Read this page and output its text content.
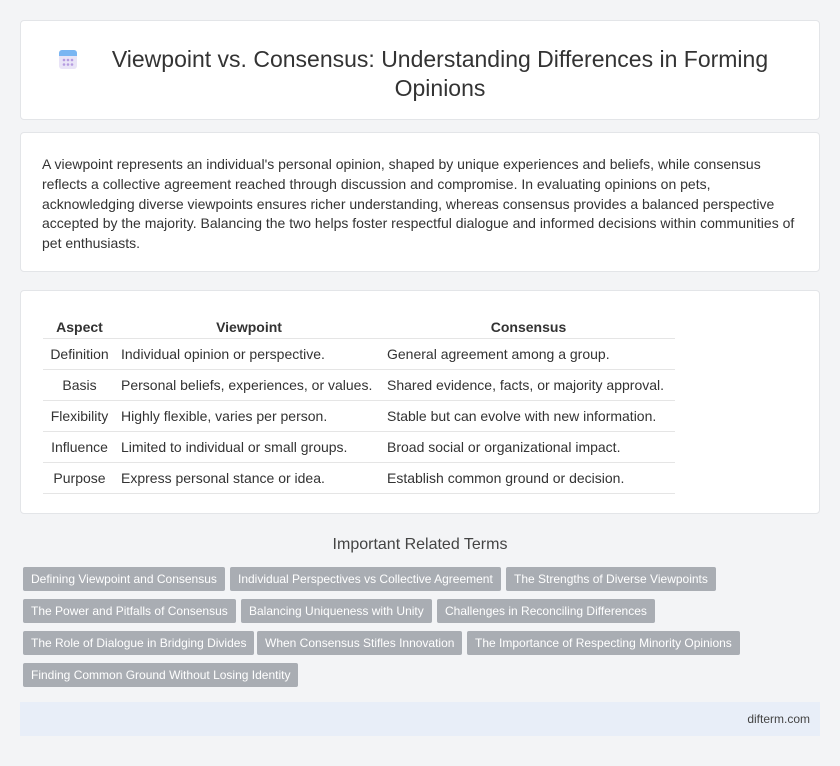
Viewpoint vs. Consensus: Understanding Differences in Forming Opinions

A viewpoint represents an individual's personal opinion, shaped by unique experiences and beliefs, while consensus reflects a collective agreement reached through discussion and compromise. In evaluating opinions on pets, acknowledging diverse viewpoints ensures richer understanding, whereas consensus provides a balanced perspective accepted by the majority. Balancing the two helps foster respectful dialogue and informed decisions within communities of pet enthusiasts.

Aspect	Viewpoint	Consensus
Definition	Individual opinion or perspective.	General agreement among a group.
Basis	Personal beliefs, experiences, or values.	Shared evidence, facts, or majority approval.
Flexibility	Highly flexible, varies per person.	Stable but can evolve with new information.
Influence	Limited to individual or small groups.	Broad social or organizational impact.
Purpose	Express personal stance or idea.	Establish common ground or decision.
Important Related Terms
Defining Viewpoint and Consensus	Individual Perspectives vs Collective Agreement	The Strengths of Diverse Viewpoints
The Power and Pitfalls of Consensus	Balancing Uniqueness with Unity	Challenges in Reconciling Differences
The Role of Dialogue in Bridging Divides	When Consensus Stifles Innovation	The Importance of Respecting Minority Opinions
Finding Common Ground Without Losing Identity
difterm.com
